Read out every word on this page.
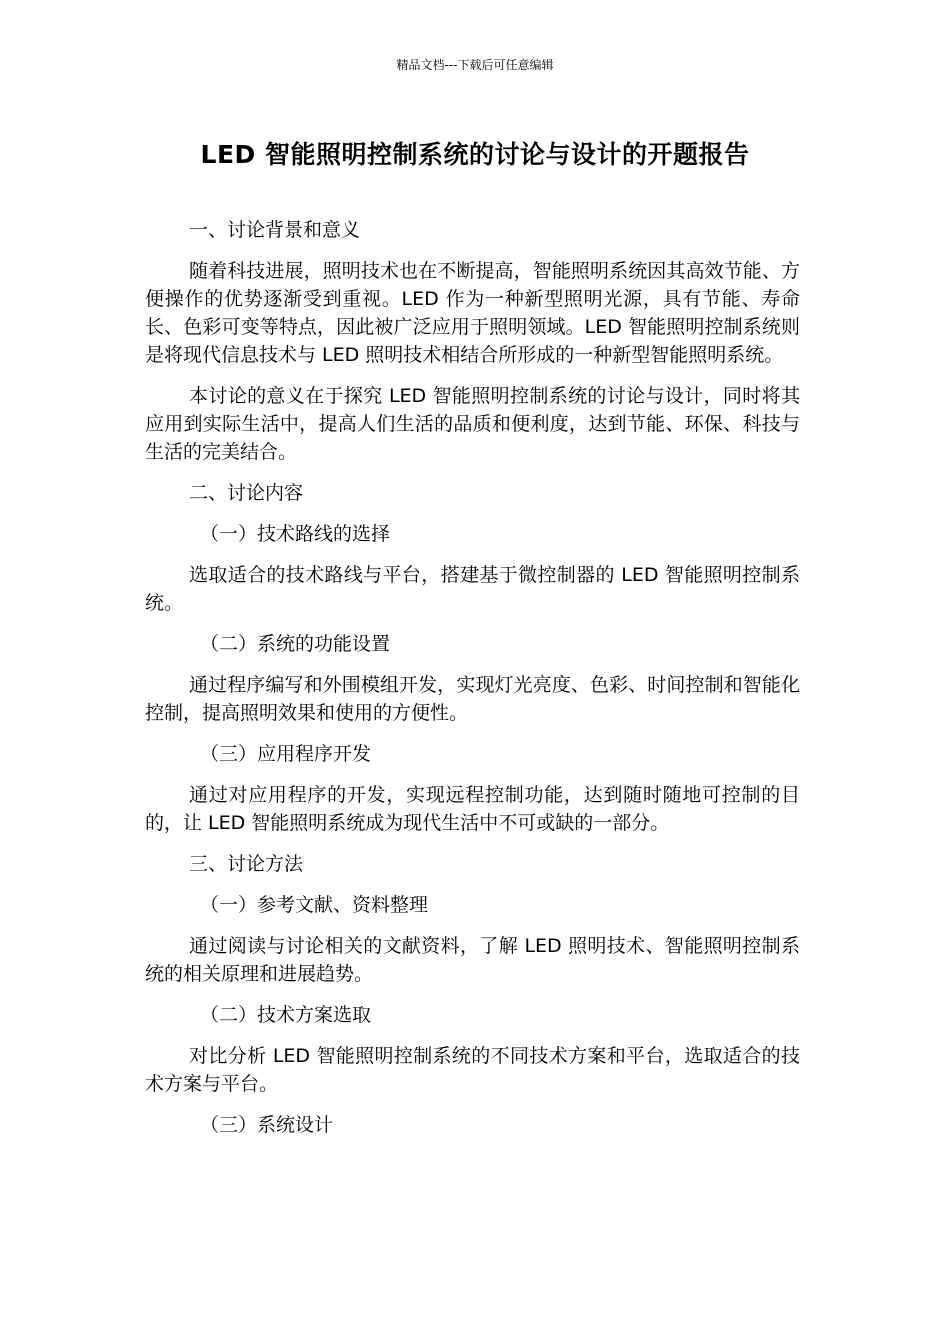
精品文档---下载后可任意编辑
LED 智能照明控制系统的讨论与设计的开题报告

一、讨论背景和意义

随着科技进展，照明技术也在不断提高，智能照明系统因其高效节能、方便操作的优势逐渐受到重视。LED 作为一种新型照明光源，具有节能、寿命长、色彩可变等特点，因此被广泛应用于照明领域。LED 智能照明控制系统则是将现代信息技术与 LED 照明技术相结合所形成的一种新型智能照明系统。

本讨论的意义在于探究 LED 智能照明控制系统的讨论与设计，同时将其应用到实际生活中，提高人们生活的品质和便利度，达到节能、环保、科技与生活的完美结合。

二、讨论内容

（一）技术路线的选择

选取适合的技术路线与平台，搭建基于微控制器的 LED 智能照明控制系统。

（二）系统的功能设置

通过程序编写和外围模组开发，实现灯光亮度、色彩、时间控制和智能化控制，提高照明效果和使用的方便性。

（三）应用程序开发

通过对应用程序的开发，实现远程控制功能，达到随时随地可控制的目的，让 LED 智能照明系统成为现代生活中不可或缺的一部分。

三、讨论方法

（一）参考文献、资料整理

通过阅读与讨论相关的文献资料，了解 LED 照明技术、智能照明控制系统的相关原理和进展趋势。

（二）技术方案选取

对比分析 LED 智能照明控制系统的不同技术方案和平台，选取适合的技术方案与平台。

（三）系统设计
